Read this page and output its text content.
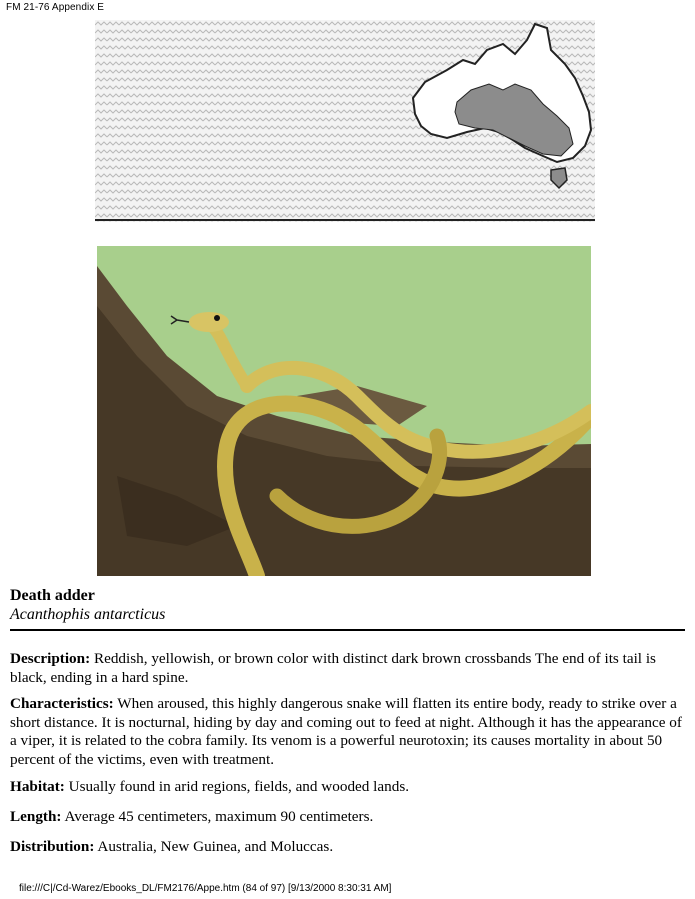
FM 21-76 Appendix E

Death adder

Acanthophis antarcticus

Description: Reddish, yellowish, or brown color with distinct dark brown crossbands The end of its tail is black, ending in a hard spine.

Characteristics: When aroused, this highly dangerous snake will flatten its entire body, ready to strike over a short distance. It is nocturnal, hiding by day and coming out to feed at night. Although it has the appearance of a viper, it is related to the cobra family. Its venom is a powerful neurotoxin; its causes mortality in about 50 percent of the victims, even with treatment.

Habitat: Usually found in arid regions, fields, and wooded lands.

Length: Average 45 centimeters, maximum 90 centimeters.

Distribution: Australia, New Guinea, and Moluccas.

file:///C|/Cd-Warez/Ebooks_DL/FM2176/Appe.htm (84 of 97) [9/13/2000 8:30:31 AM]
